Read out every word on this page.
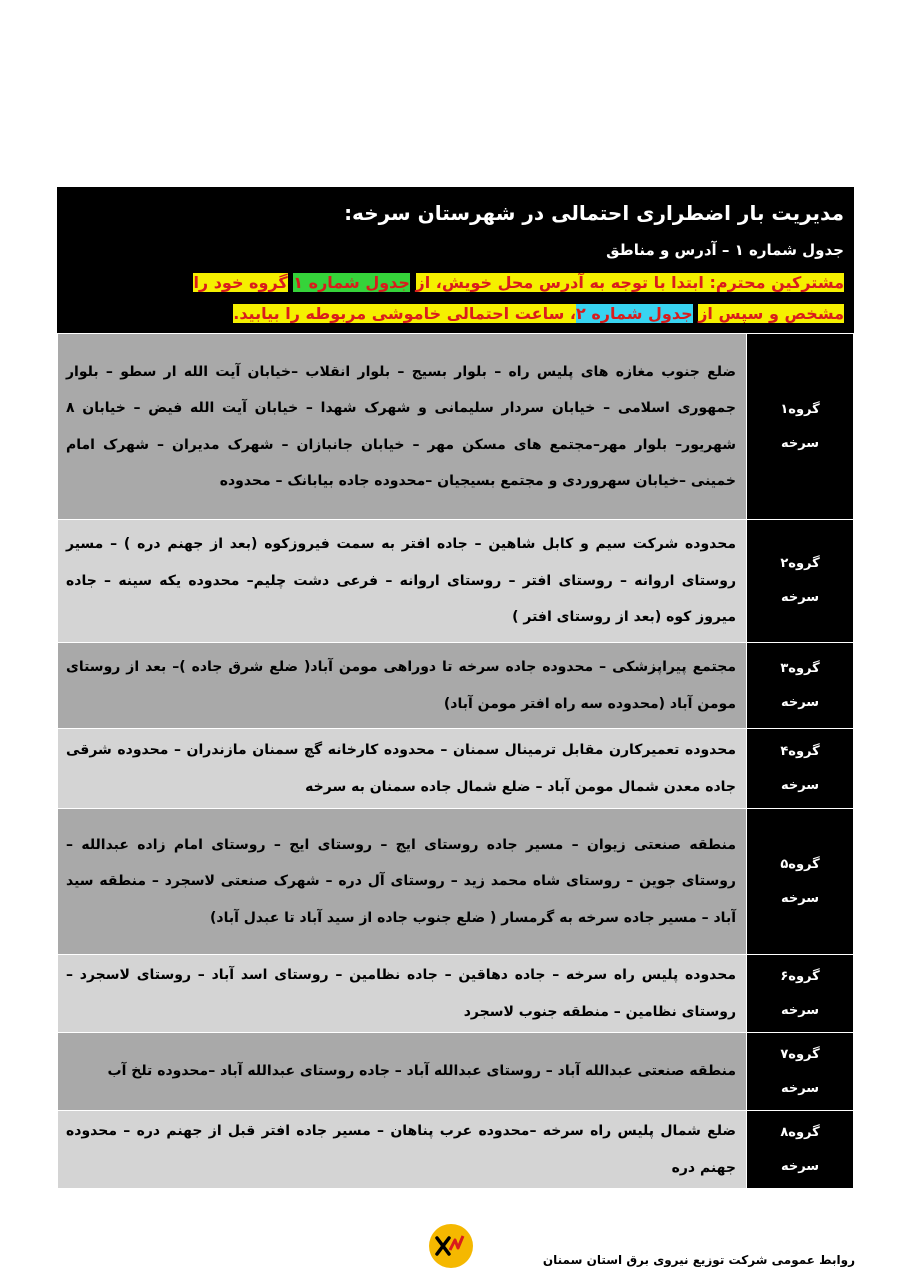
مدیریت بار اضطراری احتمالی در شهرستان سرخه:
جدول شماره ۱ – آدرس و مناطق
مشترکین محترم: ابتدا با توجه به آدرس محل خویش، از جدول شماره ۱ گروه خود را
مشخص و سپس از جدول شماره ۲، ساعت احتمالی خاموشی مربوطه را بیابید.
گروه۱
سرخه	ضلع جنوب مغازه های پلیس راه – بلوار بسیج – بلوار انقلاب –خیابان آیت الله ار سطو – بلوار جمهوری اسلامی – خیابان سردار سلیمانی و شهرک شهدا – خیابان آیت الله فیض – خیابان ۸ شهریور– بلوار مهر–مجتمع های مسکن مهر – خیابان جانبازان – شهرک مدیران – شهرک امام خمینی –خیابان سهروردی و مجتمع بسیجیان –محدوده جاده بیابانک – محدوده

گروه۲
سرخه	محدوده شرکت سیم و کابل شاهین – جاده افتر به سمت فیروزکوه (بعد از جهنم دره ) – مسیر روستای اروانه – روستای افتر – روستای اروانه – فرعی دشت چلیم– محدوده یکه سینه – جاده میروز کوه (بعد از روستای افتر )

گروه۳
سرخه	مجتمع پیراپزشکی – محدوده جاده سرخه تا دوراهی مومن آباد( ضلع شرق جاده )– بعد از روستای مومن آباد (محدوده سه راه افتر مومن آباد)

گروه۴
سرخه	محدوده تعمیرکارن مقابل ترمینال سمنان – محدوده کارخانه گچ سمنان مازندران – محدوده شرقی جاده معدن شمال مومن آباد – ضلع شمال جاده سمنان به سرخه

گروه۵
سرخه	منطقه صنعتی زیوان – مسیر جاده روستای ایج – روستای ایج – روستای امام زاده عبدالله – روستای جوین – روستای شاه محمد زید – روستای آل دره – شهرک صنعتی لاسجرد – منطقه سید آباد – مسیر جاده سرخه به گرمسار ( ضلع جنوب جاده از سید آباد تا عبدل آباد)

گروه۶
سرخه	محدوده پلیس راه سرخه – جاده دهاقین – جاده نظامین – روستای اسد آباد – روستای لاسجرد – روستای نظامین – منطقه جنوب لاسجرد

گروه۷
سرخه	منطقه صنعتی عبدالله آباد – روستای عبدالله آباد – جاده روستای عبدالله آباد –محدوده تلخ آب

گروه۸
سرخه	ضلع شمال پلیس راه سرخه –محدوده عرب پناهان – مسیر جاده افتر قبل از جهنم دره – محدوده جهنم دره
روابط عمومی شرکت توزیع نیروی برق استان سمنان
